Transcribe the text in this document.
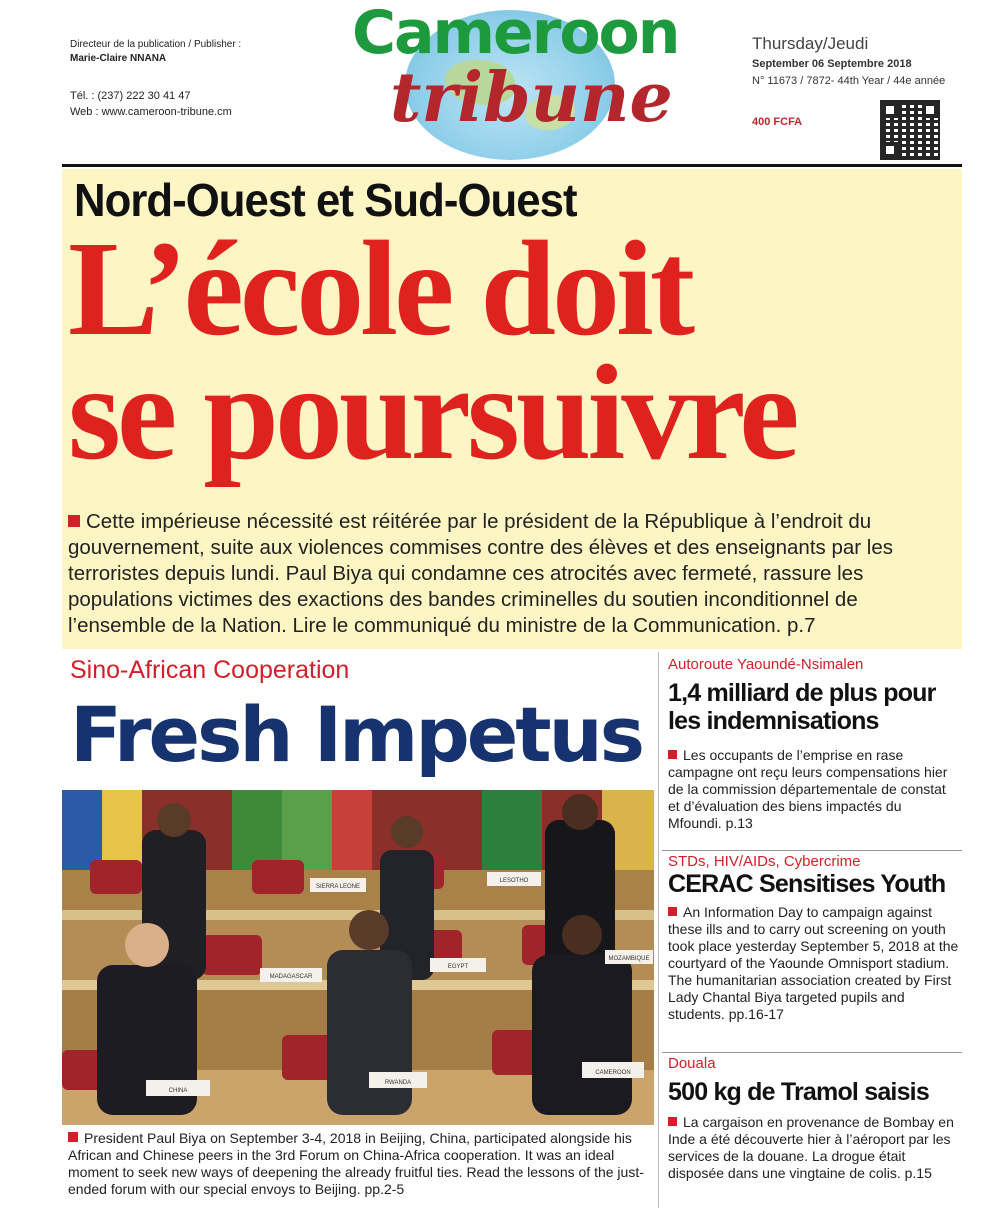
Directeur de la publication / Publisher :
Marie-Claire NNANA
Tél. : (237) 222 30 41 47
Web : www.cameroon-tribune.cm
Cameroon
tribune
Thursday/Jeudi
September 06 Septembre 2018
N° 11673 / 7872- 44th Year / 44e année
400 FCFA
Nord-Ouest et Sud-Ouest
L’école doit
se poursuivre
Cette impérieuse nécessité est réitérée par le président de la République à l’endroit du gouvernement, suite aux violences commises contre des élèves et des enseignants par les terroristes depuis lundi. Paul Biya qui condamne ces atrocités avec fermeté, rassure les populations victimes des exactions des bandes criminelles du soutien inconditionnel de l’ensemble de la Nation. Lire le communiqué du ministre de la Communication. p.7
Sino-African Cooperation
Fresh Impetus
SIERRA LEONE
LESOTHO
MADAGASCAR
EGYPT
MOZAMBIQUE
CHINA
RWANDA
CAMEROON
President Paul Biya on September 3-4, 2018 in Beijing, China, participated alongside his African and Chinese peers in the 3rd Forum on China-Africa cooperation. It was an ideal moment to seek new ways of deepening the already fruitful ties. Read the lessons of the just-ended forum with our special envoys to Beijing. pp.2-5
Autoroute Yaoundé-Nsimalen
1,4 milliard de plus pour les indemnisations
Les occupants de l’emprise en rase campagne ont reçu leurs compensations hier de la commission départementale de constat et d’évaluation des biens impactés du Mfoundi. p.13
STDs, HIV/AIDs, Cybercrime
CERAC Sensitises Youth
An Information Day to campaign against these ills and to carry out screening on youth took place yesterday September 5, 2018 at the courtyard of the Yaounde Omnisport stadium. The humanitarian association created by First Lady Chantal Biya targeted pupils and students. pp.16-17
Douala
500 kg de Tramol saisis
La cargaison en provenance de Bombay en Inde a été découverte hier à l’aéroport par les services de la douane. La drogue était disposée dans une vingtaine de colis. p.15
